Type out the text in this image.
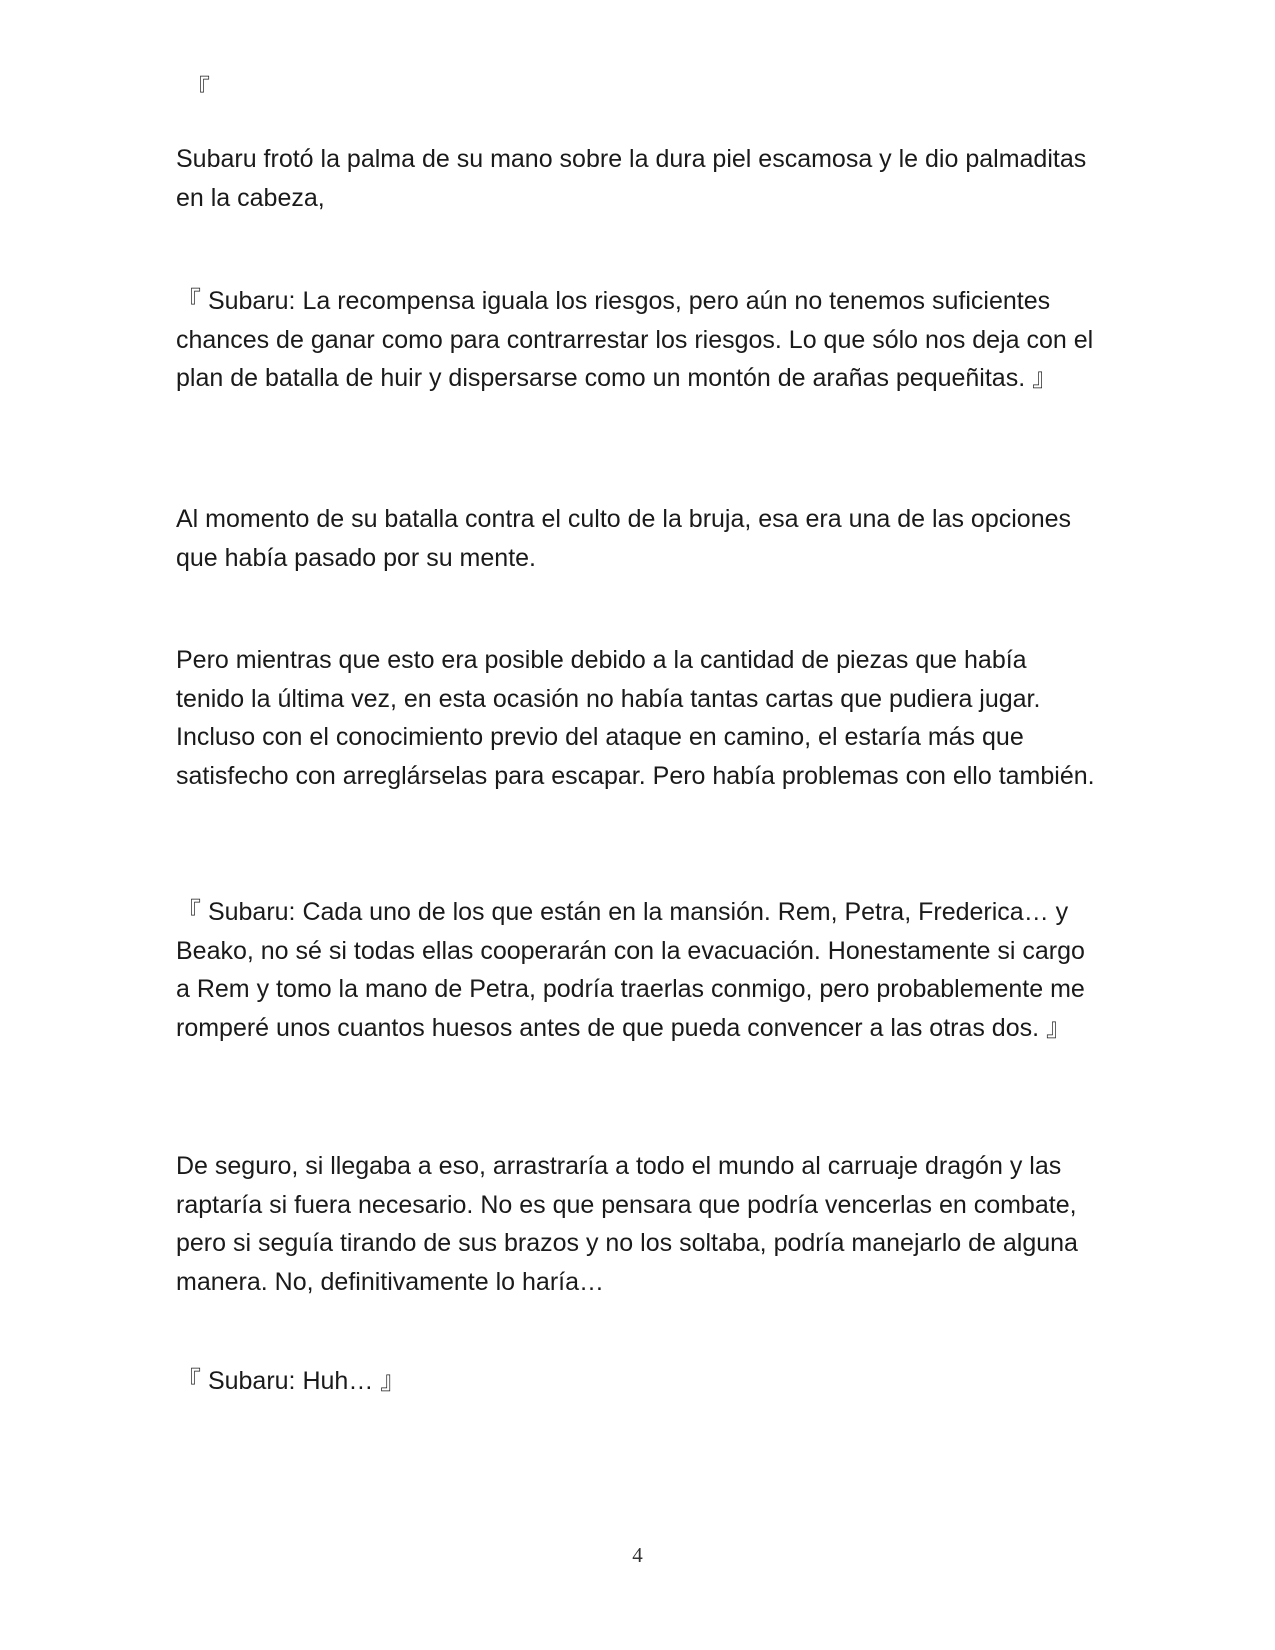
『

Subaru frotó la palma de su mano sobre la dura piel escamosa y le dio palmaditas en la cabeza,

『 Subaru: La recompensa iguala los riesgos, pero aún no tenemos suficientes chances de ganar como para contrarrestar los riesgos. Lo que sólo nos deja con el plan de batalla de huir y dispersarse como un montón de arañas pequeñitas. 』

Al momento de su batalla contra el culto de la bruja, esa era una de las opciones que había pasado por su mente.

Pero mientras que esto era posible debido a la cantidad de piezas que había tenido la última vez, en esta ocasión no había tantas cartas que pudiera jugar. Incluso con el conocimiento previo del ataque en camino, el estaría más que satisfecho con arreglárselas para escapar. Pero había problemas con ello también.

『 Subaru: Cada uno de los que están en la mansión. Rem, Petra, Frederica… y Beako, no sé si todas ellas cooperarán con la evacuación. Honestamente si cargo a Rem y tomo la mano de Petra, podría traerlas conmigo, pero probablemente me romperé unos cuantos huesos antes de que pueda convencer a las otras dos. 』

De seguro, si llegaba a eso, arrastraría a todo el mundo al carruaje dragón y las raptaría si fuera necesario. No es que pensara que podría vencerlas en combate, pero si seguía tirando de sus brazos y no los soltaba, podría manejarlo de alguna manera. No, definitivamente lo haría…

『 Subaru: Huh… 』

4
